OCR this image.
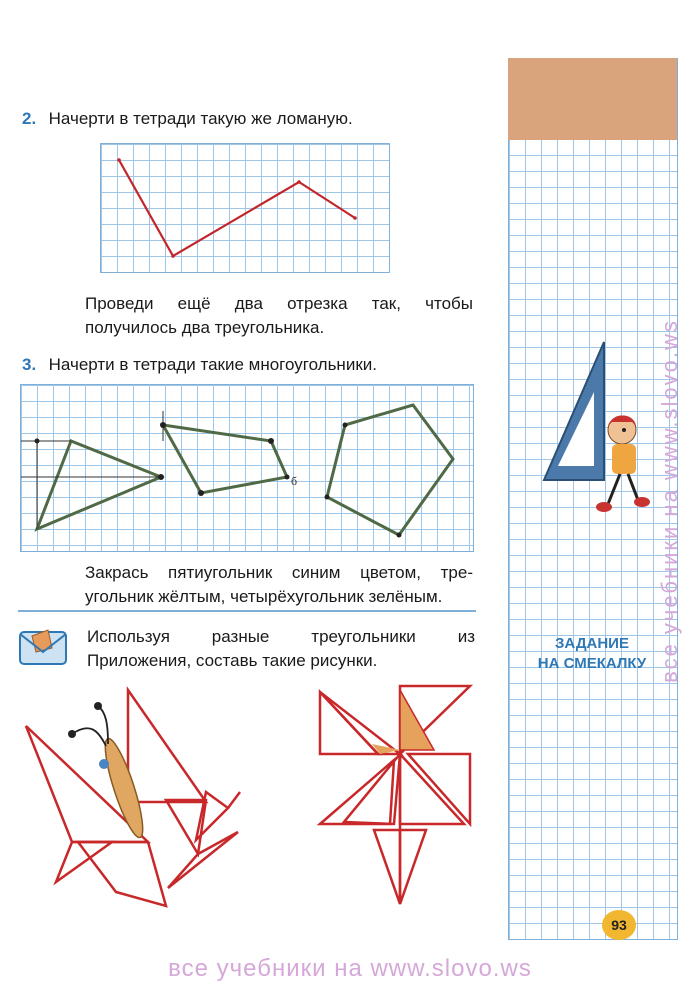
2. Начерти в тетради такую же ломаную.
Проведи ещё два отрезка так, чтобы
получилось два треугольника.
3. Начерти в тетради такие многоугольники.
б
Закрась пятиугольник синим цветом, тре-
угольник жёлтым, четырёхугольник зелёным.
Используя разные треугольники из
Приложения, составь такие рисунки.
ЗАДАНИЕ
НА СМЕКАЛКУ
93
все учебники на www.slovo.ws
все учебники на www.slovo.ws
